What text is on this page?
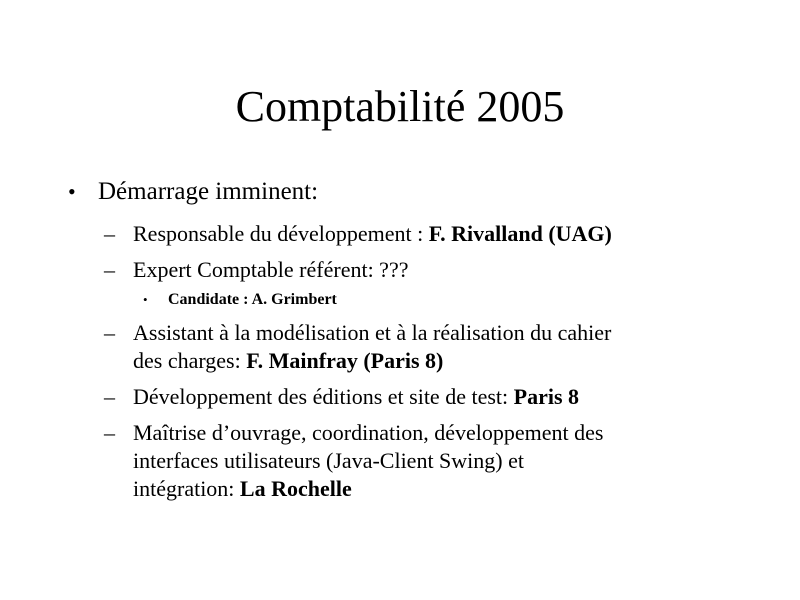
Comptabilité 2005
• Démarrage imminent:
– Responsable du développement : F. Rivalland (UAG)
– Expert Comptable référent: ???
• Candidate : A. Grimbert
– Assistant à la modélisation et à la réalisation du cahier
des charges: F. Mainfray (Paris 8)
– Développement des éditions et site de test: Paris 8
– Maîtrise d’ouvrage, coordination, développement des
interfaces utilisateurs (Java-Client Swing) et
intégration: La Rochelle
